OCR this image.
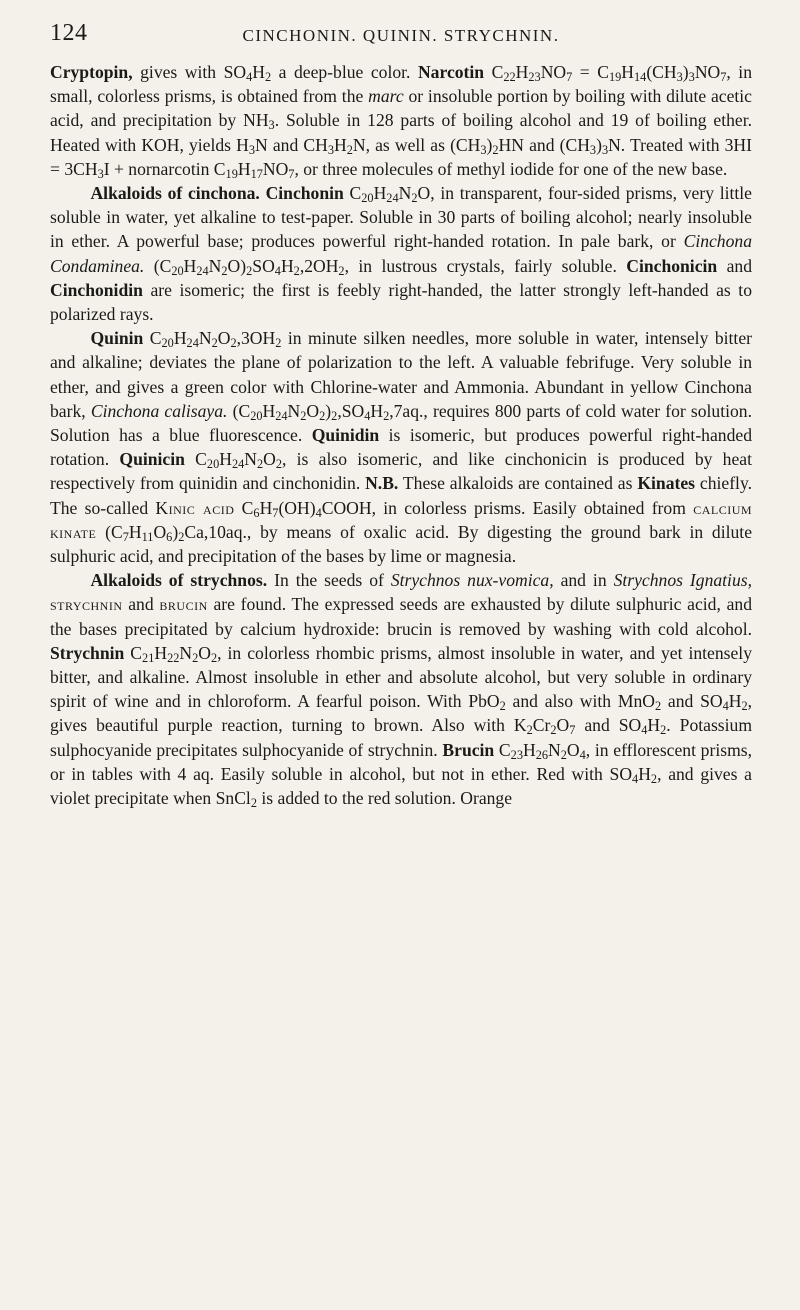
124	CINCHONIN. QUININ. STRYCHNIN.

Cryptopin, gives with $SO_4H_2$ a deep-blue color. Narcotin $C_{22}H_{23}NO_7 = C_{19}H_{14}(CH_3)_3NO_7$, in small, colorless prisms, is obtained from the marc or insoluble portion by boiling with dilute acetic acid, and precipitation by $NH_3$. Soluble in 128 parts of boiling alcohol and 19 of boiling ether. Heated with KOH, yields $H_3N$ and $CH_3H_2N$, as well as $(CH_3)_2HN$ and $(CH_3)_3N$. Treated with $3HI = 3CH_3I$ + nornarcotin $C_{19}H_{17}NO_7$, or three molecules of methyl iodide for one of the new base.

Alkaloids of cinchona. Cinchonin $C_{20}H_{24}N_2O$, in transparent, four-sided prisms, very little soluble in water, yet alkaline to test-paper. Soluble in 30 parts of boiling alcohol; nearly insoluble in ether. A powerful base; produces powerful right-handed rotation. In pale bark, or Cinchona Condaminea. $(C_{20}H_{24}N_2O)_2SO_4H_2,2OH_2$, in lustrous crystals, fairly soluble. Cinchonicin and Cinchonidin are isomeric; the first is feebly right-handed, the latter strongly left-handed as to polarized rays.

Quinin $C_{20}H_{24}N_2O_2,3OH_2$ in minute silken needles, more soluble in water, intensely bitter and alkaline; deviates the plane of polarization to the left. A valuable febrifuge. Very soluble in ether, and gives a green color with Chlorine-water and Ammonia. Abundant in yellow Cinchona bark, Cinchona calisaya. $(C_{20}H_{24}N_2O_2)_2,SO_4H_2,7aq$., requires 800 parts of cold water for solution. Solution has a blue fluorescence. Quinidin is isomeric, but produces powerful right-handed rotation. Quinicin $C_{20}H_{24}N_2O_2$, is also isomeric, and like cinchonicin is produced by heat respectively from quinidin and cinchonidin. N.B. These alkaloids are contained as Kinates chiefly. The so-called Kinic acid $C_6H_7(OH)_4COOH$, in colorless prisms. Easily obtained from calcium kinate $(C_7H_{11}O_6)_2Ca,10aq$., by means of oxalic acid. By digesting the ground bark in dilute sulphuric acid, and precipitation of the bases by lime or magnesia.

Alkaloids of strychnos. In the seeds of Strychnos nux-vomica, and in Strychnos Ignatius, strychnin and brucin are found. The expressed seeds are exhausted by dilute sulphuric acid, and the bases precipitated by calcium hydroxide: brucin is removed by washing with cold alcohol. Strychnin $C_{21}H_{22}N_2O_2$, in colorless rhombic prisms, almost insoluble in water, and yet intensely bitter, and alkaline. Almost insoluble in ether and absolute alcohol, but very soluble in ordinary spirit of wine and in chloroform. A fearful poison. With PbO$_2$ and also with MnO$_2$ and $SO_4H_2$, gives beautiful purple reaction, turning to brown. Also with $K_2Cr_2O_7$ and $SO_4H_2$. Potassium sulphocyanide precipitates sulphocyanide of strychnin. Brucin $C_{23}H_{26}N_2O_4$, in efflorescent prisms, or in tables with 4 aq. Easily soluble in alcohol, but not in ether. Red with $SO_4H_2$, and gives a violet precipitate when SnCl$_2$ is added to the red solution. Orange
